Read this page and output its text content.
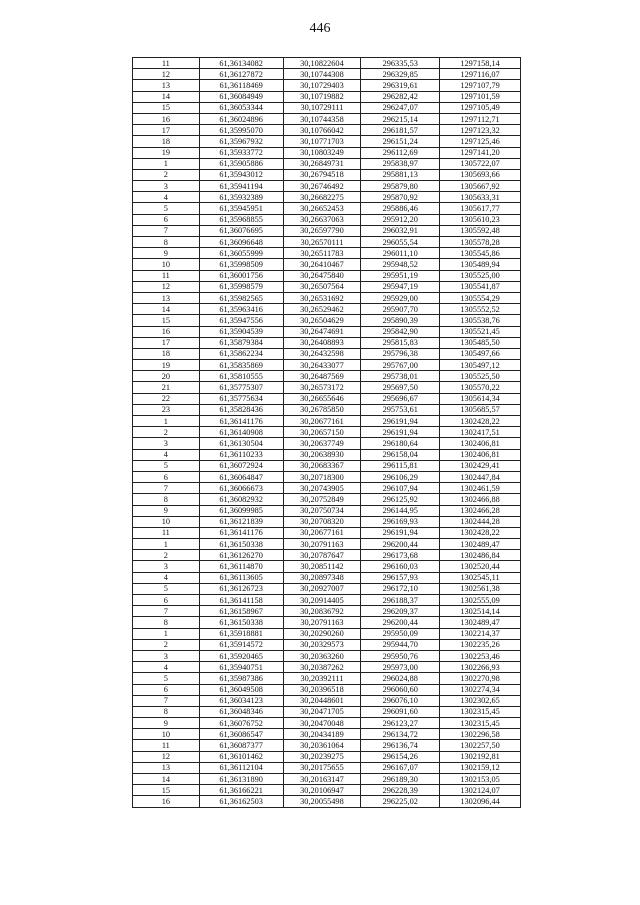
446
11	61,36134082	30,10822604	296335,53	1297158,14
12	61,36127872	30,10744308	296329,85	1297116,07
13	61,36118469	30,10729403	296319,61	1297107,79
14	61,36084949	30,10719882	296282,42	1297101,59
15	61,36053344	30,10729111	296247,07	1297105,49
16	61,36024896	30,10744358	296215,14	1297112,71
17	61,35995070	30,10766042	296181,57	1297123,32
18	61,35967932	30,10771703	296151,24	1297125,46
19	61,35933772	30,10803249	296112,69	1297141,20
1	61,35905886	30,26849731	295838,97	1305722,07
2	61,35943012	30,26794518	295881,13	1305693,66
3	61,35941194	30,26746492	295879,80	1305667,92
4	61,35932389	30,26682275	295870,92	1305633,31
5	61,35945951	30,26652453	295886,46	1305617,77
6	61,35968855	30,26637063	295912,20	1305610,23
7	61,36076695	30,26597790	296032,91	1305592,48
8	61,36096648	30,26570111	296055,54	1305578,28
9	61,36055999	30,26511783	296011,10	1305545,86
10	61,35998509	30,26410467	295948,52	1305489,94
11	61,36001756	30,26475840	295951,19	1305525,00
12	61,35998579	30,26507564	295947,19	1305541,87
13	61,35982565	30,26531692	295929,00	1305554,29
14	61,35963416	30,26529462	295907,70	1305552,52
15	61,35947556	30,26504629	295890,39	1305538,76
16	61,35904539	30,26474691	295842,90	1305521,45
17	61,35879384	30,26408893	295815,83	1305485,50
18	61,35862234	30,26432598	295796,38	1305497,66
19	61,35835869	30,26433077	295767,00	1305497,12
20	61,35810555	30,26487569	295738,01	1305525,50
21	61,35775307	30,26573172	295697,50	1305570,22
22	61,35775634	30,26655646	295696,67	1305614,34
23	61,35828436	30,26785850	295753,61	1305685,57
1	61,36141176	30,20677161	296191,94	1302428,22
2	61,36140908	30,20657150	296191,94	1302417,51
3	61,36130504	30,20637749	296180,64	1302406,81
4	61,36110233	30,20638930	296158,04	1302406,81
5	61,36072924	30,20683367	296115,81	1302429,41
6	61,36064847	30,20718300	296106,29	1302447,84
7	61,36066673	30,20743905	296107,94	1302461,59
8	61,36082932	30,20752849	296125,92	1302466,88
9	61,36099985	30,20750734	296144,95	1302466,28
10	61,36121839	30,20708320	296169,93	1302444,28
11	61,36141176	30,20677161	296191,94	1302428,22
1	61,36150338	30,20791163	296200,44	1302489,47
2	61,36126270	30,20787647	296173,68	1302486,84
3	61,36114870	30,20851142	296160,03	1302520,44
4	61,36113605	30,20897348	296157,93	1302545,11
5	61,36126723	30,20927007	296172,10	1302561,38
6	61,36141158	30,20914405	296188,37	1302555,09
7	61,36158967	30,20836792	296209,37	1302514,14
8	61,36150338	30,20791163	296200,44	1302489,47
1	61,35918881	30,20290260	295950,09	1302214,37
2	61,35914572	30,20329573	295944,70	1302235,26
3	61,35920465	30,20363260	295950,76	1302253,46
4	61,35940751	30,20387262	295973,00	1302266,93
5	61,35987386	30,20392111	296024,88	1302270,98
6	61,36049508	30,20396518	296060,60	1302274,34
7	61,36034123	30,20448601	296076,10	1302302,65
8	61,36048346	30,20471705	296091,60	1302315,45
9	61,36076752	30,20470048	296123,27	1302315,45
10	61,36086547	30,20434189	296134,72	1302296,58
11	61,36087377	30,20361064	296136,74	1302257,50
12	61,36101462	30,20239275	296154,26	1302192,81
13	61,36112104	30,20175655	296167,07	1302159,12
14	61,36131890	30,20163147	296189,30	1302153,05
15	61,36166221	30,20106947	296228,39	1302124,07
16	61,36162503	30,20055498	296225,02	1302096,44
